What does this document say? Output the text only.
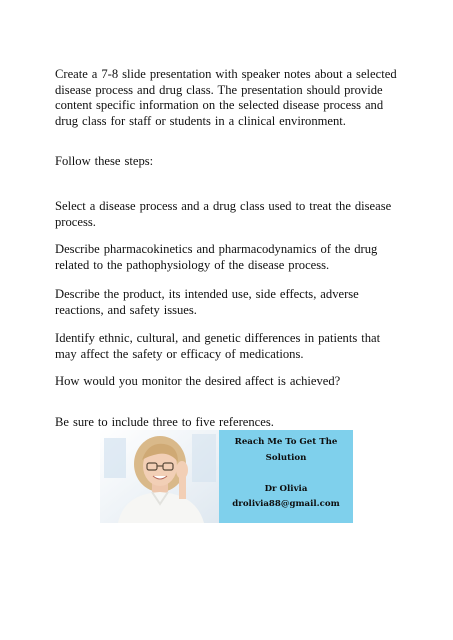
Create a 7-8 slide presentation with speaker notes about a selected disease process and drug class. The presentation should provide content specific information on the selected disease process and drug class for staff or students in a clinical environment.

Follow these steps:

Select a disease process and a drug class used to treat the disease process.

Describe pharmacokinetics and pharmacodynamics of the drug related to the pathophysiology of the disease process.

Describe the product, its intended use, side effects, adverse reactions, and safety issues.

Identify ethnic, cultural, and genetic differences in patients that may affect the safety or efficacy of medications.

How would you monitor the desired affect is achieved?

Be sure to include three to five references.

Reach Me To Get The
Solution
Dr Olivia
drolivia88@gmail.com
